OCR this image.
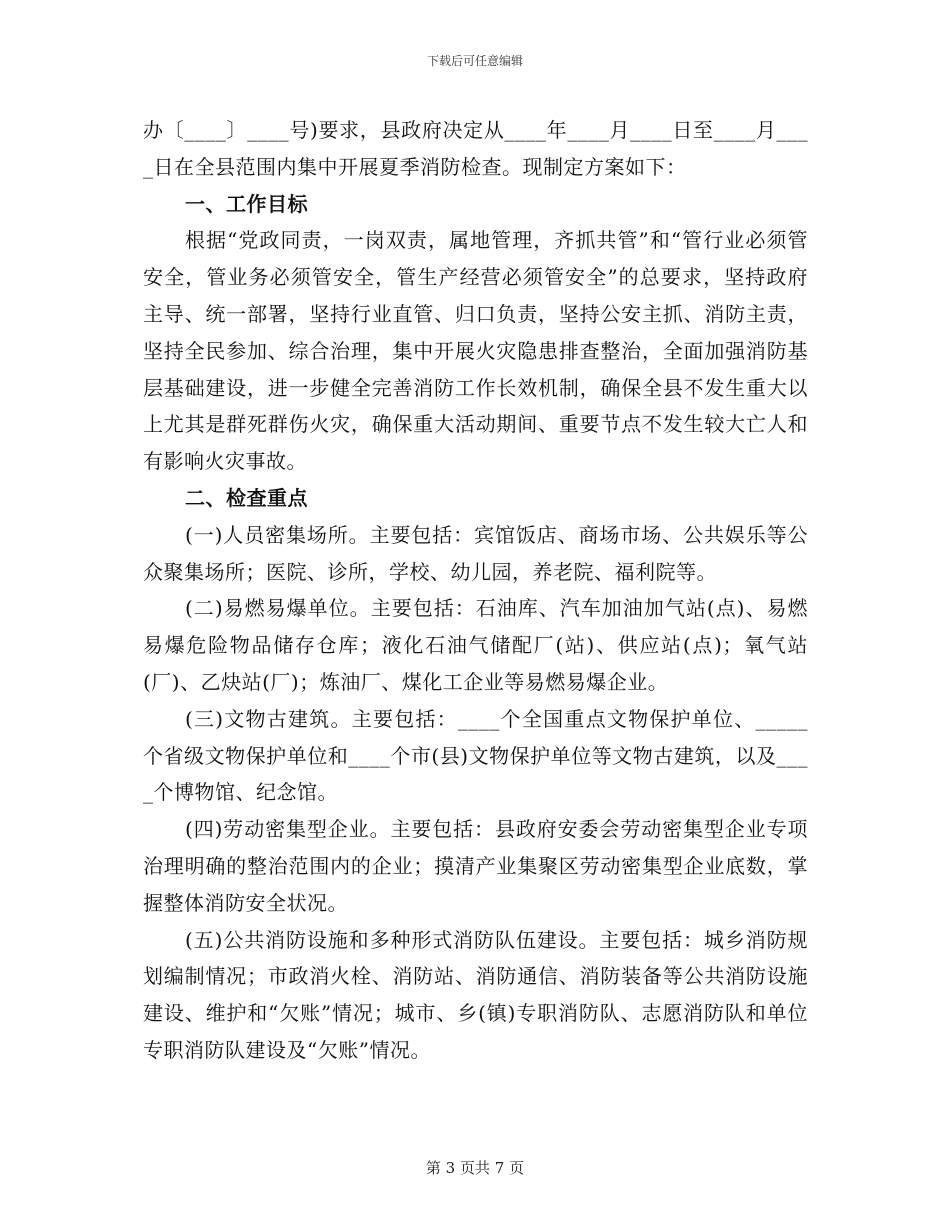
下载后可任意编辑

办〔____〕____号)要求，县政府决定从____年____月____日至____月____日在全县范围内集中开展夏季消防检查。现制定方案如下：

一、工作目标

根据“党政同责，一岗双责，属地管理，齐抓共管”和“管行业必须管安全，管业务必须管安全，管生产经营必须管安全”的总要求，坚持政府主导、统一部署，坚持行业直管、归口负责，坚持公安主抓、消防主责，坚持全民参加、综合治理，集中开展火灾隐患排查整治，全面加强消防基层基础建设，进一步健全完善消防工作长效机制，确保全县不发生重大以上尤其是群死群伤火灾，确保重大活动期间、重要节点不发生较大亡人和有影响火灾事故。

二、检查重点

(一)人员密集场所。主要包括：宾馆饭店、商场市场、公共娱乐等公众聚集场所；医院、诊所，学校、幼儿园，养老院、福利院等。

(二)易燃易爆单位。主要包括：石油库、汽车加油加气站(点)、易燃易爆危险物品储存仓库；液化石油气储配厂(站)、供应站(点)；氧气站(厂)、乙炔站(厂)；炼油厂、煤化工企业等易燃易爆企业。

(三)文物古建筑。主要包括：____个全国重点文物保护单位、_____个省级文物保护单位和____个市(县)文物保护单位等文物古建筑，以及____个博物馆、纪念馆。

(四)劳动密集型企业。主要包括：县政府安委会劳动密集型企业专项治理明确的整治范围内的企业；摸清产业集聚区劳动密集型企业底数，掌握整体消防安全状况。

(五)公共消防设施和多种形式消防队伍建设。主要包括：城乡消防规划编制情况；市政消火栓、消防站、消防通信、消防装备等公共消防设施建设、维护和“欠账”情况；城市、乡(镇)专职消防队、志愿消防队和单位专职消防队建设及“欠账”情况。

第 3 页共 7 页
